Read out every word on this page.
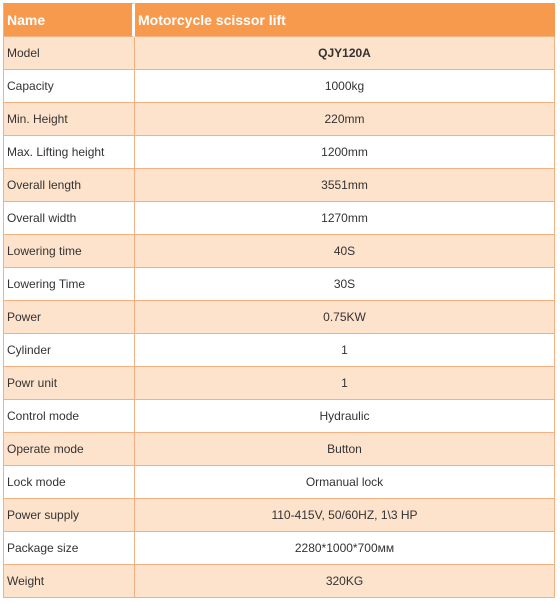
Name	Motorcycle scissor lift
Model	QJY120A
Capacity	1000kg
Min. Height	220mm
Max. Lifting height	1200mm
Overall length	3551mm
Overall width	1270mm
Lowering time	40S
Lowering Time	30S
Power	0.75KW
Cylinder	1
Powr unit	1
Control mode	Hydraulic
Operate mode	Button
Lock mode	Ormanual lock
Power supply	110-415V, 50/60HZ, 1\3 HP
Package size	2280*1000*700мм
Weight	320KG
